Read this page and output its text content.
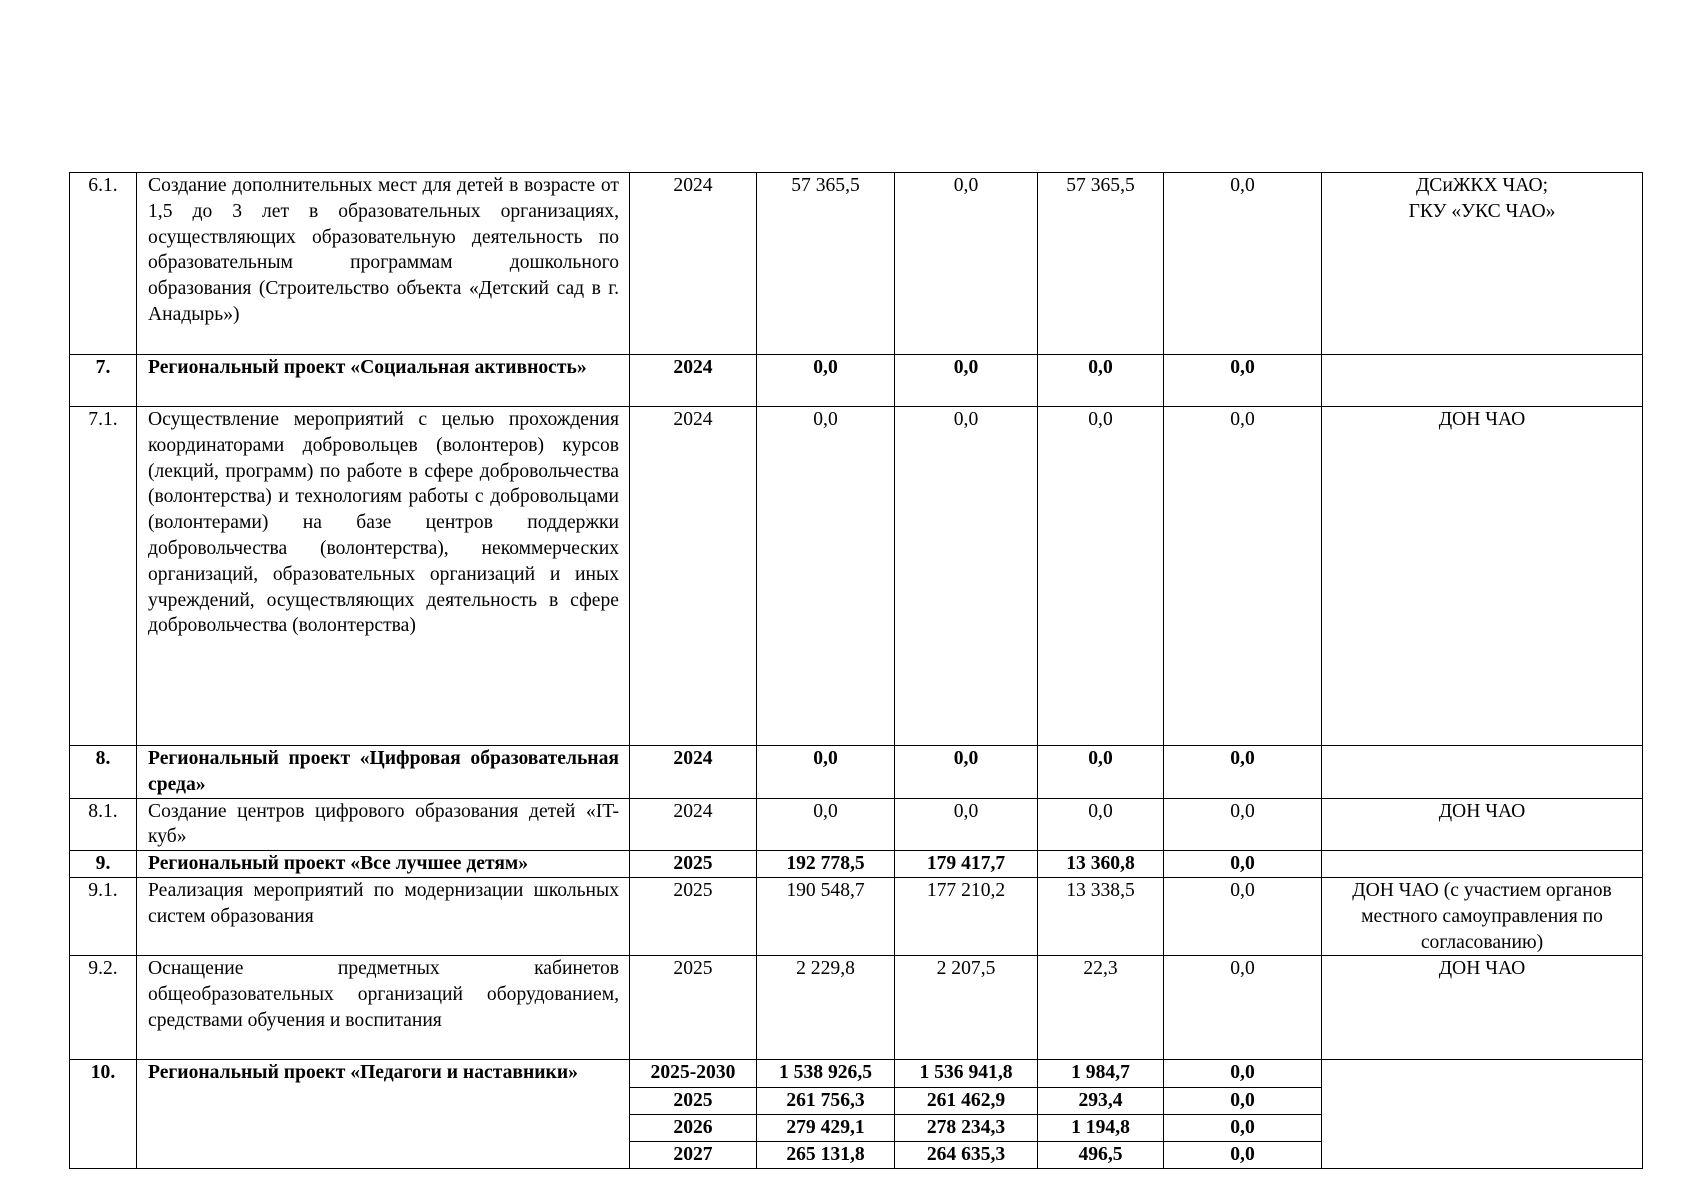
6.1.	Создание дополнительных мест для детей в возрасте от 1,5 до 3 лет в образовательных организациях, осуществляющих образовательную деятельность по образовательным программам дошкольного образования (Строительство объекта «Детский сад в г. Анадырь»)	2024	57 365,5	0,0	57 365,5	0,0	ДСиЖКХ ЧАО;
ГКУ «УКС ЧАО»

7.	Региональный проект «Социальная активность»	2024	0,0	0,0	0,0	0,0	
7.1.	Осуществление мероприятий с целью прохождения координаторами добровольцев (волонтеров) курсов (лекций, программ) по работе в сфере добровольчества (волонтерства) и технологиям работы с добровольцами (волонтерами) на базе центров поддержки добровольчества (волонтерства), некоммерческих организаций, образовательных организаций и иных учреждений, осуществляющих деятельность в сфере добровольчества (волонтерства)	2024	0,0	0,0	0,0	0,0	ДОН ЧАО
8.	Региональный проект «Цифровая образовательная среда»	2024	0,0	0,0	0,0	0,0	
8.1.	Создание центров цифрового образования детей «IT-куб»	2024	0,0	0,0	0,0	0,0	ДОН ЧАО
9.	Региональный проект «Все лучшее детям»	2025	192 778,5	179 417,7	13 360,8	0,0	
9.1.	Реализация мероприятий по модернизации школьных систем образования	2025	190 548,7	177 210,2	13 338,5	0,0	ДОН ЧАО (с участием органов местного самоуправления по согласованию)
9.2.	Оснащение предметных кабинетов общеобразовательных организаций оборудованием, средствами обучения и воспитания	2025	2 229,8	2 207,5	22,3	0,0	ДОН ЧАО
10.	Региональный проект «Педагоги и наставники»	2025-2030	1 538 926,5	1 536 941,8	1 984,7	0,0	
		2025	261 756,3	261 462,9	293,4	0,0	
		2026	279 429,1	278 234,3	1 194,8	0,0	
		2027	265 131,8	264 635,3	496,5	0,0	
